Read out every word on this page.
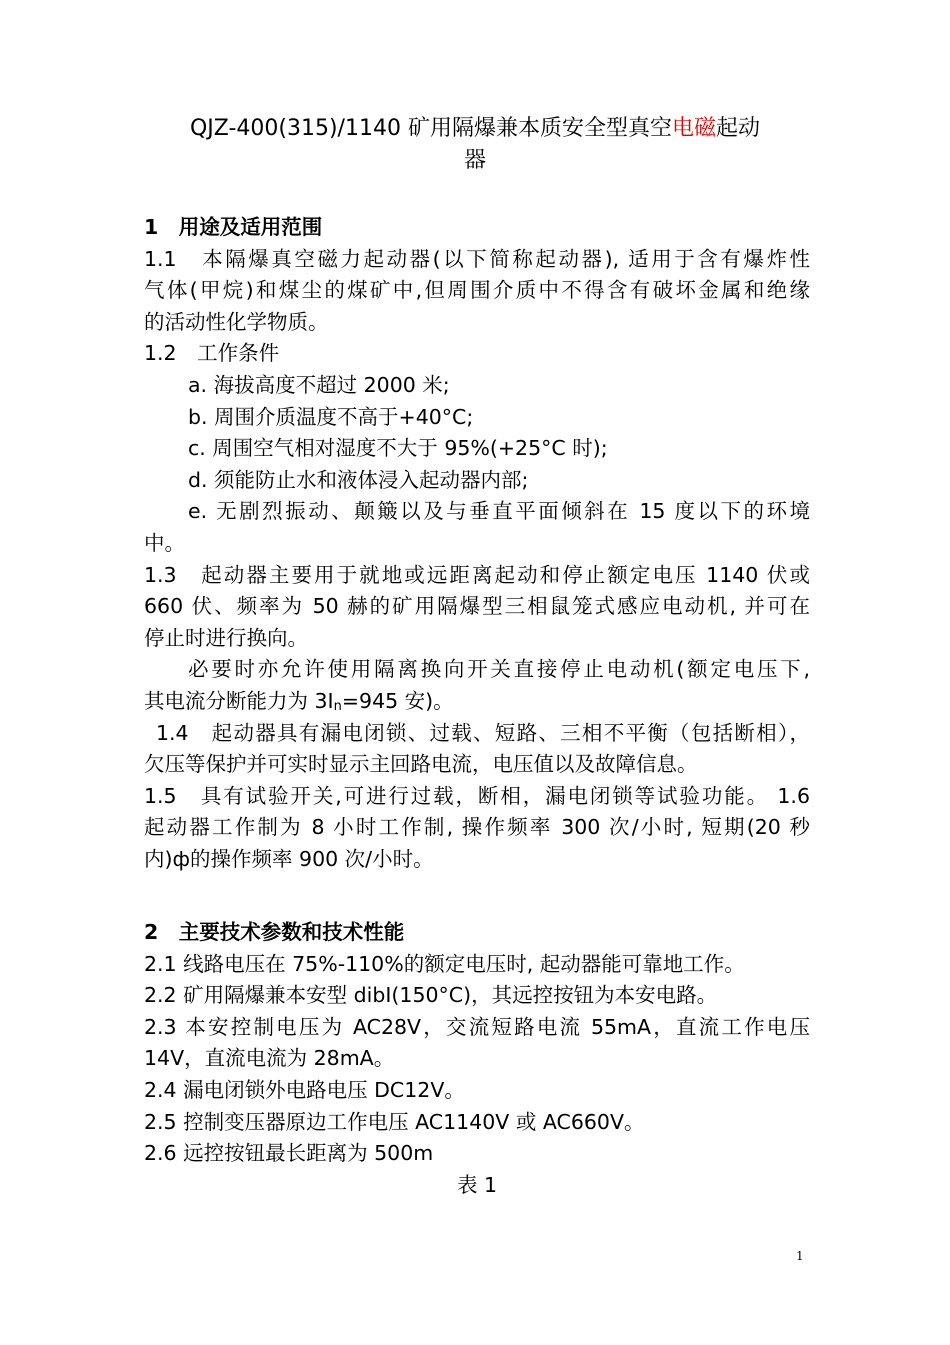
QJZ-400(315)/1140 矿用隔爆兼本质安全型真空电磁起动
器
1　用途及适用范围
1.1　本隔爆真空磁力起动器(以下简称起动器), 适用于含有爆炸性
气体(甲烷)和煤尘的煤矿中,但周围介质中不得含有破坏金属和绝缘
的活动性化学物质。
1.2　工作条件
a. 海拔高度不超过 2000 米;
b. 周围介质温度不高于+40°C;
c. 周围空气相对湿度不大于 95%(+25°C 时);
d. 须能防止水和液体浸入起动器内部;
e. 无剧烈振动、颠簸以及与垂直平面倾斜在 15 度以下的环境
中。
1.3　起动器主要用于就地或远距离起动和停止额定电压 1140 伏或
660 伏、频率为 50 赫的矿用隔爆型三相鼠笼式感应电动机, 并可在
停止时进行换向。
必要时亦允许使用隔离换向开关直接停止电动机(额定电压下,
其电流分断能力为 3In=945 安)。
1.4　起动器具有漏电闭锁、过载、短路、三相不平衡（包括断相），
欠压等保护并可实时显示主回路电流，电压值以及故障信息。
1.5　具有试验开关,可进行过载，断相，漏电闭锁等试验功能。 1.6
起动器工作制为 8 小时工作制, 操作频率 300 次/小时, 短期(20 秒
内)ф的操作频率 900 次/小时。
2　主要技术参数和技术性能
2.1 线路电压在 75%-110%的额定电压时, 起动器能可靠地工作。
2.2 矿用隔爆兼本安型 dibI(150°C)，其远控按钮为本安电路。
2.3 本安控制电压为 AC28V，交流短路电流 55mA，直流工作电压
14V，直流电流为 28mA。
2.4 漏电闭锁外电路电压 DC12V。
2.5 控制变压器原边工作电压 AC1140V 或 AC660V。
2.6 远控按钮最长距离为 500m
表 1
1
